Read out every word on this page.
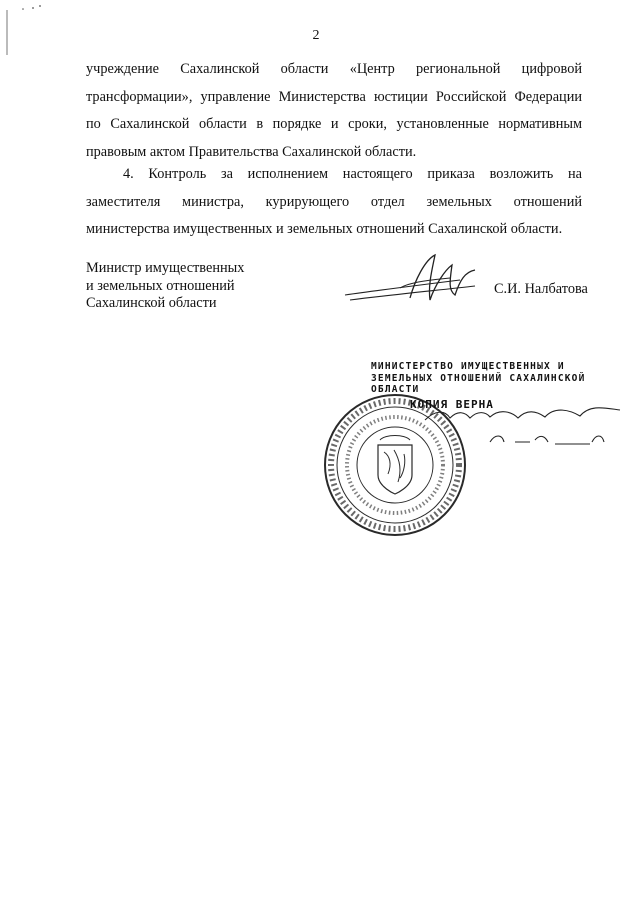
2
учреждение Сахалинской области «Центр региональной цифровой
трансформации», управление Министерства юстиции Российской Федерации
по Сахалинской области в порядке и сроки, установленные нормативным
правовым актом Правительства Сахалинской области.
4. Контроль за исполнением настоящего приказа возложить на
заместителя министра, курирующего отдел земельных отношений
министерства имущественных и земельных отношений Сахалинской области.
Министр имущественных
и земельных отношений
Сахалинской области
С.И. Налбатова
МИНИСТЕРСТВО ИМУЩЕСТВЕННЫХ И
ЗЕМЕЛЬНЫХ ОТНОШЕНИЙ САХАЛИНСКОЙ
ОБЛАСТИ
КОПИЯ ВЕРНА
